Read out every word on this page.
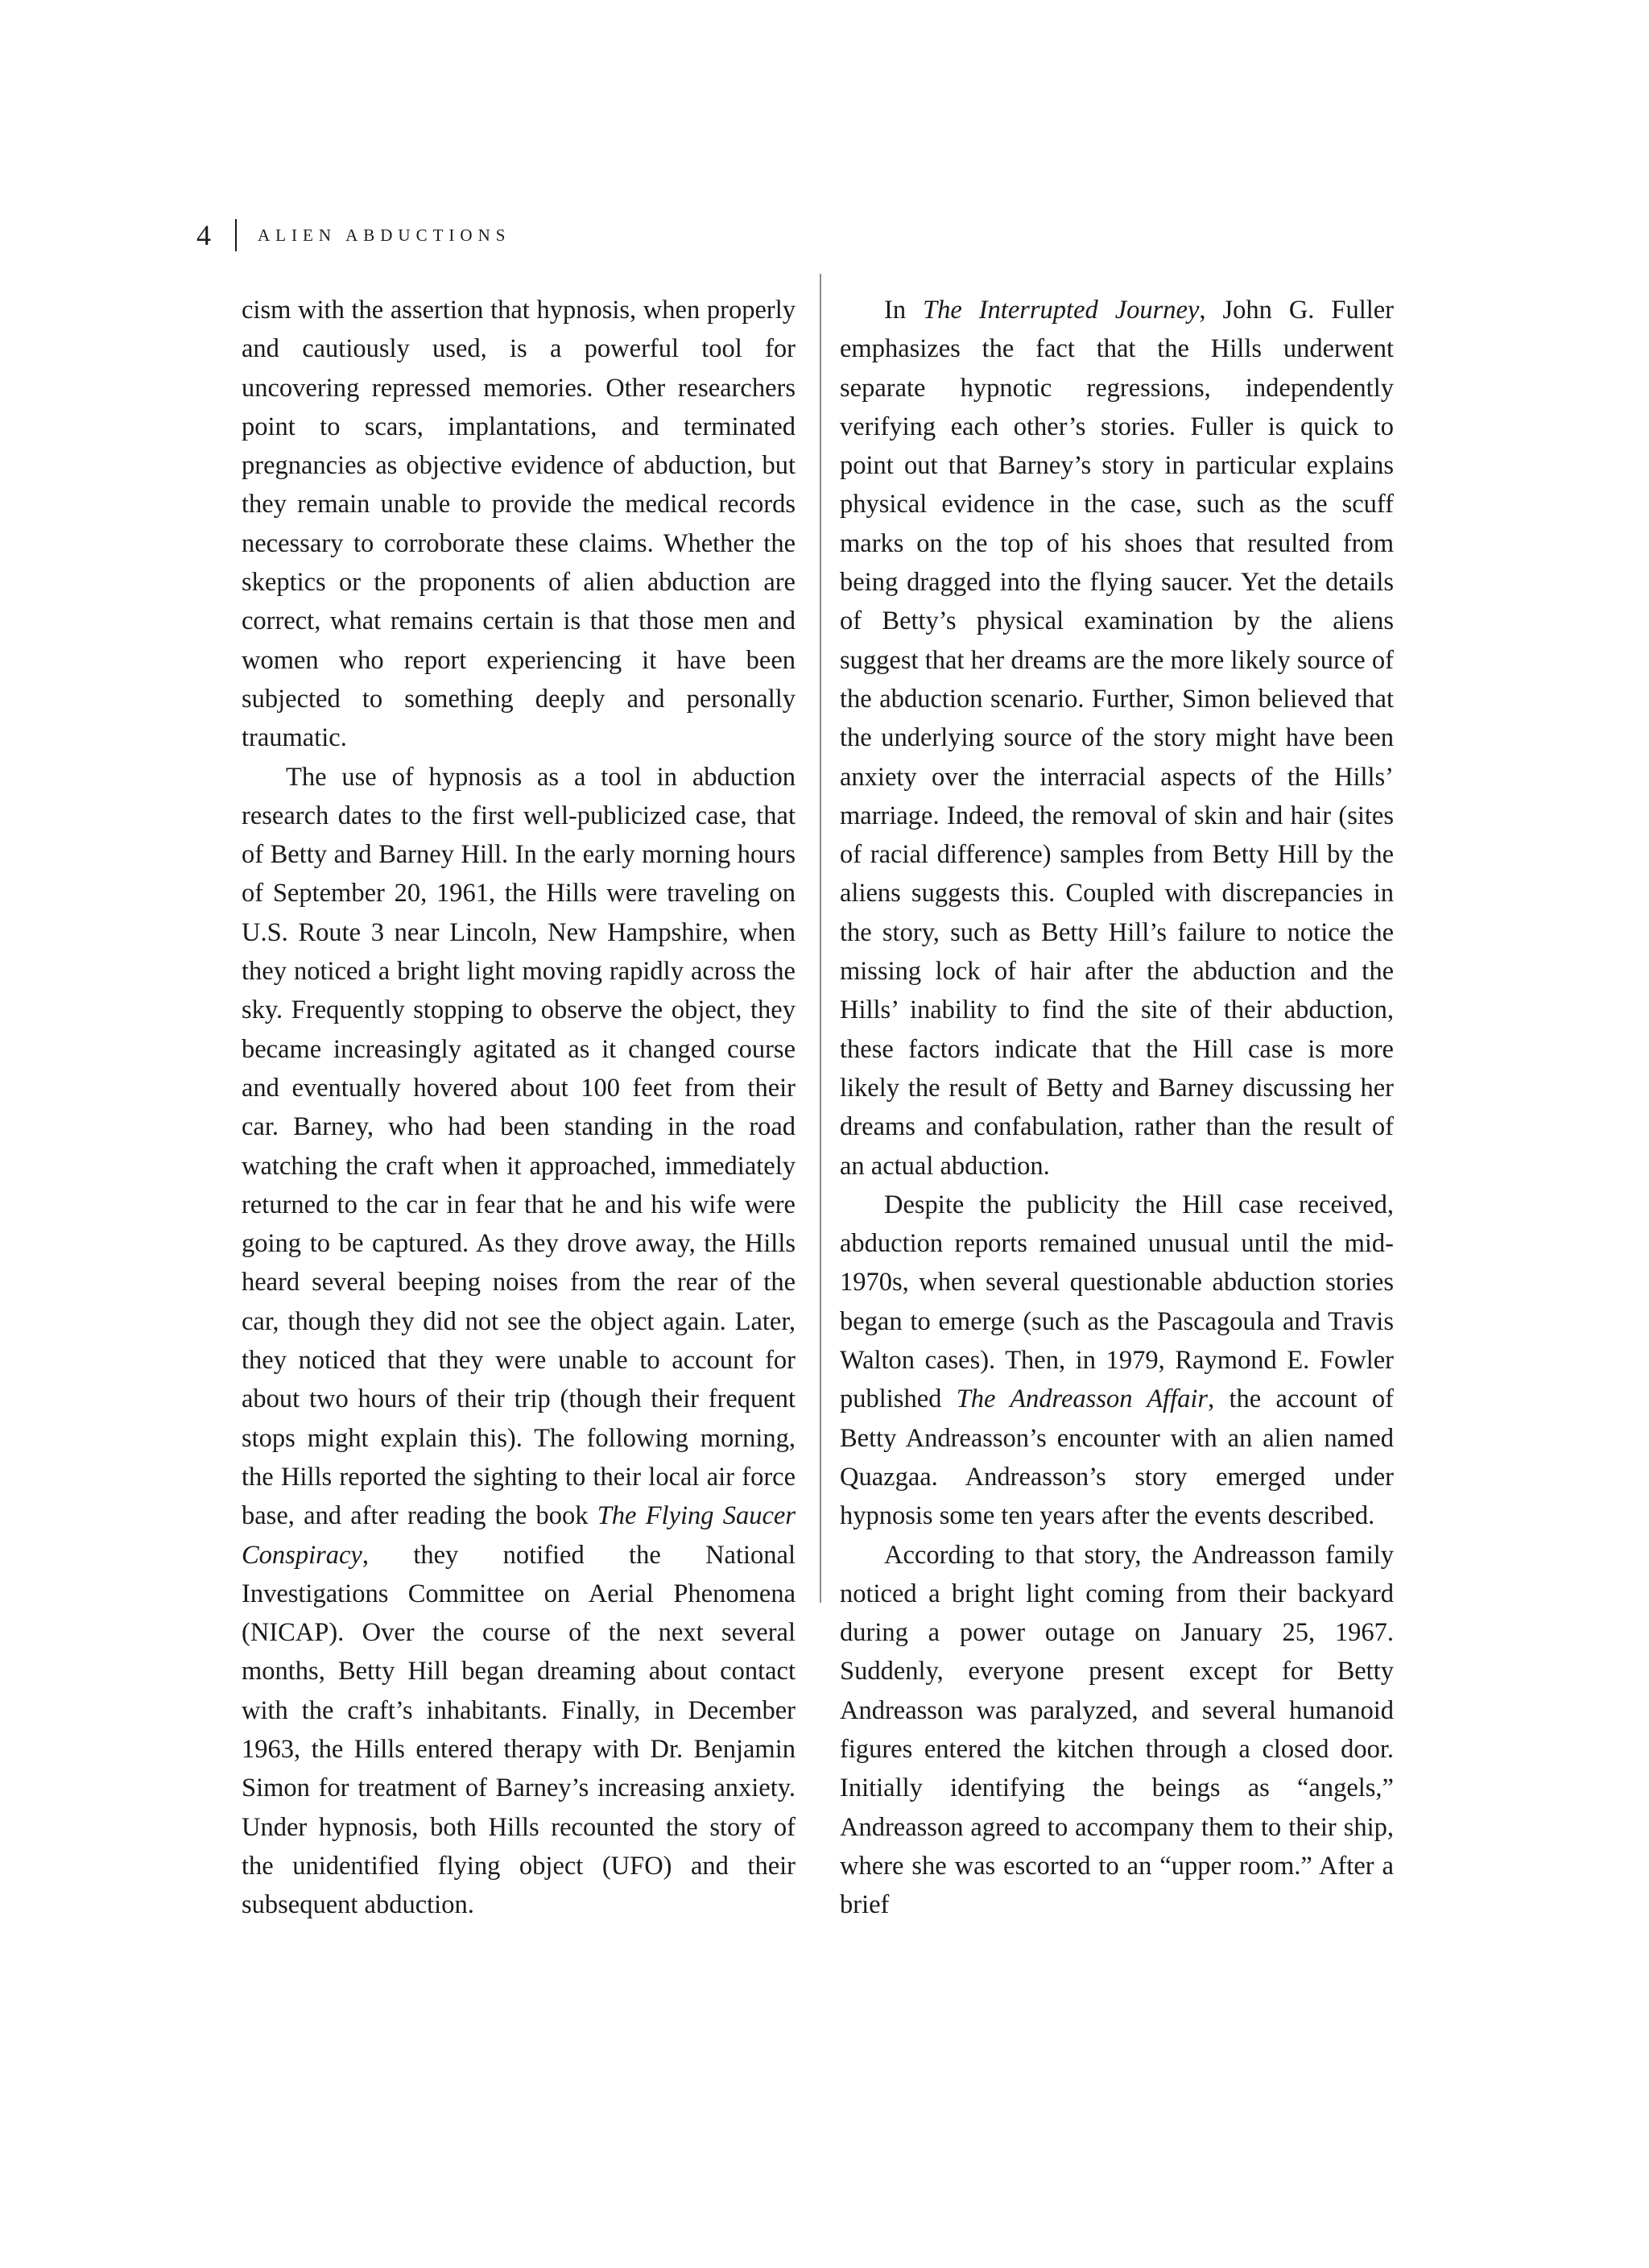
4	ALIEN ABDUCTIONS

cism with the assertion that hypnosis, when properly and cautiously used, is a powerful tool for uncovering repressed memories. Other researchers point to scars, implantations, and terminated pregnancies as objective evidence of abduction, but they remain unable to provide the medical records necessary to corroborate these claims. Whether the skeptics or the proponents of alien abduction are correct, what remains certain is that those men and women who report experiencing it have been subjected to something deeply and personally traumatic.

The use of hypnosis as a tool in abduction research dates to the first well-publicized case, that of Betty and Barney Hill. In the early morning hours of September 20, 1961, the Hills were traveling on U.S. Route 3 near Lincoln, New Hampshire, when they noticed a bright light moving rapidly across the sky. Frequently stopping to observe the object, they became increasingly agitated as it changed course and eventually hovered about 100 feet from their car. Barney, who had been standing in the road watching the craft when it approached, immediately returned to the car in fear that he and his wife were going to be captured. As they drove away, the Hills heard several beeping noises from the rear of the car, though they did not see the object again. Later, they noticed that they were unable to account for about two hours of their trip (though their frequent stops might explain this). The following morning, the Hills reported the sighting to their local air force base, and after reading the book The Flying Saucer Conspiracy, they notified the National Investigations Committee on Aerial Phenomena (NICAP). Over the course of the next several months, Betty Hill began dreaming about contact with the craft’s inhabitants. Finally, in December 1963, the Hills entered therapy with Dr. Benjamin Simon for treatment of Barney’s increasing anxiety. Under hypnosis, both Hills recounted the story of the unidentified flying object (UFO) and their subsequent abduction.

In The Interrupted Journey, John G. Fuller emphasizes the fact that the Hills underwent separate hypnotic regressions, independently verifying each other’s stories. Fuller is quick to point out that Barney’s story in particular explains physical evidence in the case, such as the scuff marks on the top of his shoes that resulted from being dragged into the flying saucer. Yet the details of Betty’s physical examination by the aliens suggest that her dreams are the more likely source of the abduction scenario. Further, Simon believed that the underlying source of the story might have been anxiety over the interracial aspects of the Hills’ marriage. Indeed, the removal of skin and hair (sites of racial difference) samples from Betty Hill by the aliens suggests this. Coupled with discrepancies in the story, such as Betty Hill’s failure to notice the missing lock of hair after the abduction and the Hills’ inability to find the site of their abduction, these factors indicate that the Hill case is more likely the result of Betty and Barney discussing her dreams and confabulation, rather than the result of an actual abduction.

Despite the publicity the Hill case received, abduction reports remained unusual until the mid-1970s, when several questionable abduction stories began to emerge (such as the Pascagoula and Travis Walton cases). Then, in 1979, Raymond E. Fowler published The Andreasson Affair, the account of Betty Andreasson’s encounter with an alien named Quazgaa. Andreasson’s story emerged under hypnosis some ten years after the events described.

According to that story, the Andreasson family noticed a bright light coming from their backyard during a power outage on January 25, 1967. Suddenly, everyone present except for Betty Andreasson was paralyzed, and several humanoid figures entered the kitchen through a closed door. Initially identifying the beings as “angels,” Andreasson agreed to accompany them to their ship, where she was escorted to an “upper room.” After a brief
